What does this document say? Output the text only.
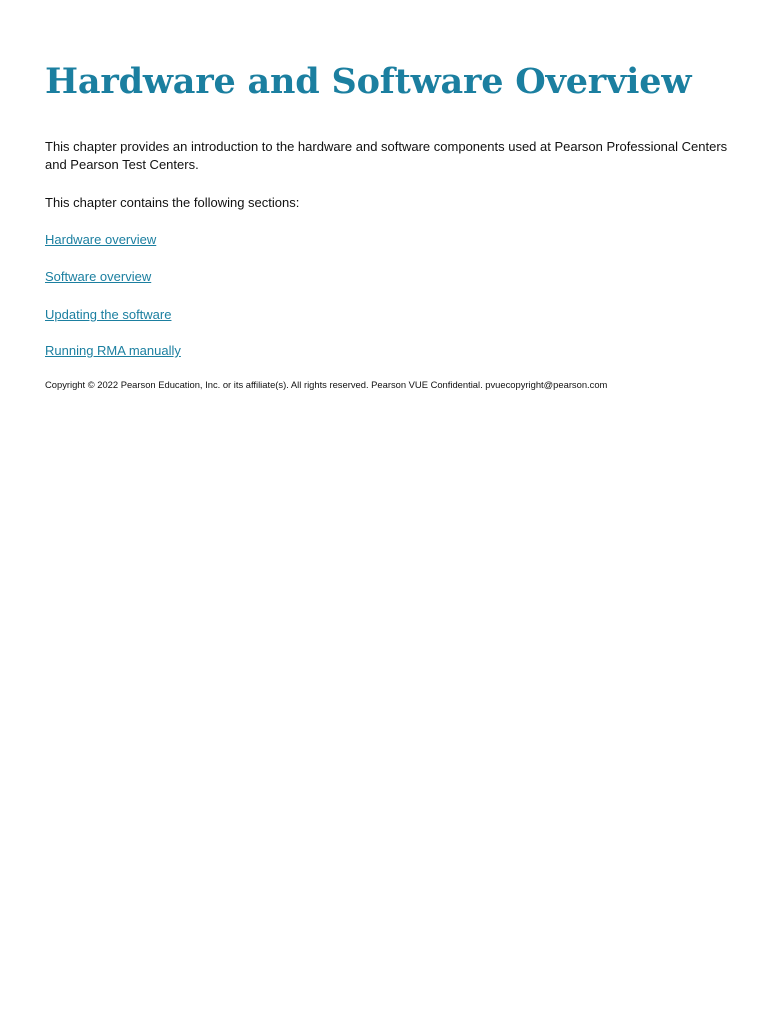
Hardware and Software Overview

This chapter provides an introduction to the hardware and software components used at Pearson Professional Centers and Pearson Test Centers.

This chapter contains the following sections:

Hardware overview
Software overview
Updating the software
Running RMA manually

Copyright © 2022 Pearson Education, Inc. or its affiliate(s). All rights reserved. Pearson VUE Confidential. pvuecopyright@pearson.com
